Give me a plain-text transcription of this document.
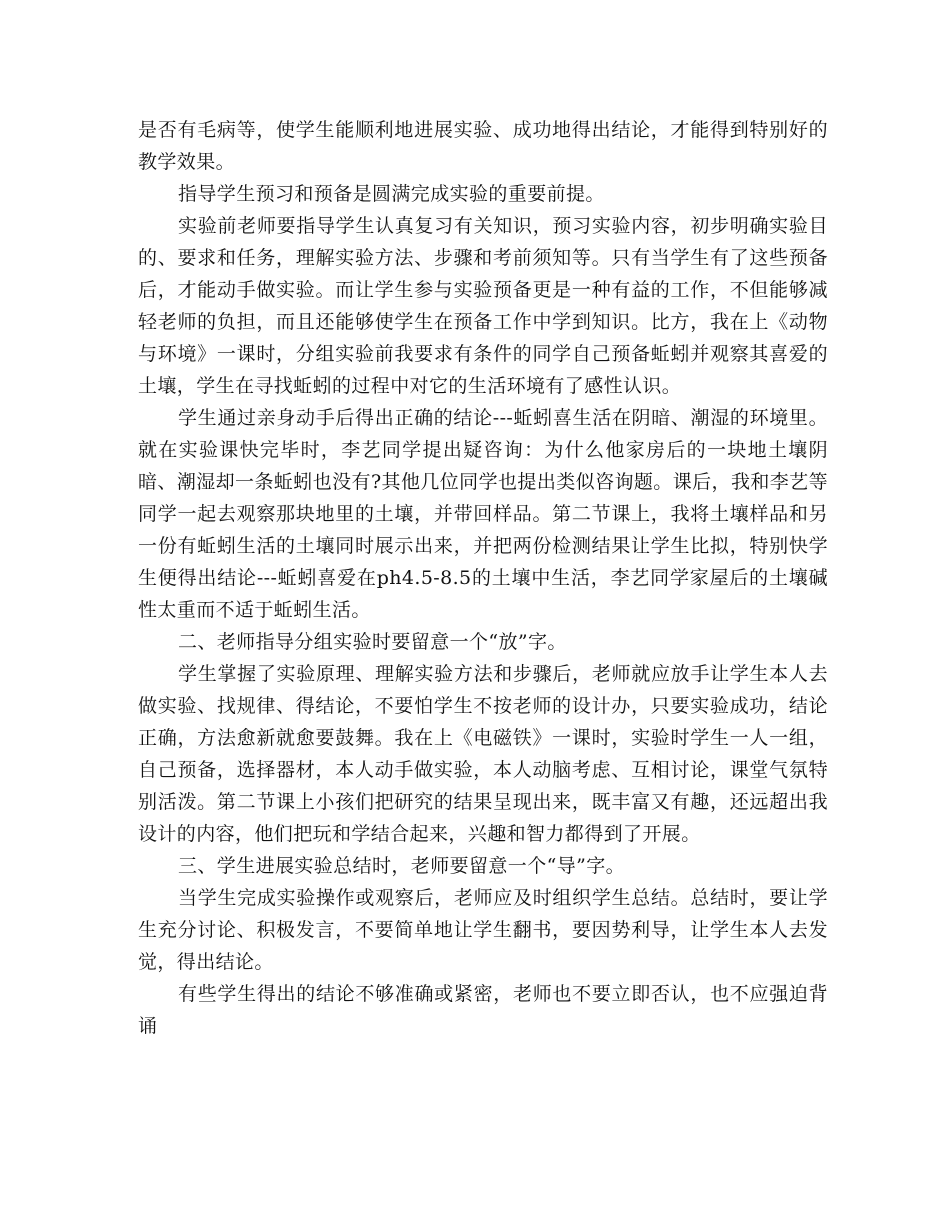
是否有毛病等，使学生能顺利地进展实验、成功地得出结论，才能得到特别好的教学效果。

指导学生预习和预备是圆满完成实验的重要前提。

实验前老师要指导学生认真复习有关知识，预习实验内容，初步明确实验目的、要求和任务，理解实验方法、步骤和考前须知等。只有当学生有了这些预备后，才能动手做实验。而让学生参与实验预备更是一种有益的工作，不但能够减轻老师的负担，而且还能够使学生在预备工作中学到知识。比方，我在上《动物与环境》一课时，分组实验前我要求有条件的同学自己预备蚯蚓并观察其喜爱的土壤，学生在寻找蚯蚓的过程中对它的生活环境有了感性认识。

学生通过亲身动手后得出正确的结论---蚯蚓喜生活在阴暗、潮湿的环境里。就在实验课快完毕时，李艺同学提出疑咨询：为什么他家房后的一块地土壤阴暗、潮湿却一条蚯蚓也没有?其他几位同学也提出类似咨询题。课后，我和李艺等同学一起去观察那块地里的土壤，并带回样品。第二节课上，我将土壤样品和另一份有蚯蚓生活的土壤同时展示出来，并把两份检测结果让学生比拟，特别快学生便得出结论---蚯蚓喜爱在ph4.5-8.5的土壤中生活，李艺同学家屋后的土壤碱性太重而不适于蚯蚓生活。

二、老师指导分组实验时要留意一个“放”字。

学生掌握了实验原理、理解实验方法和步骤后，老师就应放手让学生本人去做实验、找规律、得结论，不要怕学生不按老师的设计办，只要实验成功，结论正确，方法愈新就愈要鼓舞。我在上《电磁铁》一课时，实验时学生一人一组，自己预备，选择器材，本人动手做实验，本人动脑考虑、互相讨论，课堂气氛特别活泼。第二节课上小孩们把研究的结果呈现出来，既丰富又有趣，还远超出我设计的内容，他们把玩和学结合起来，兴趣和智力都得到了开展。

三、学生进展实验总结时，老师要留意一个“导”字。

当学生完成实验操作或观察后，老师应及时组织学生总结。总结时，要让学生充分讨论、积极发言，不要简单地让学生翻书，要因势利导，让学生本人去发觉，得出结论。

有些学生得出的结论不够准确或紧密，老师也不要立即否认，也不应强迫背诵
